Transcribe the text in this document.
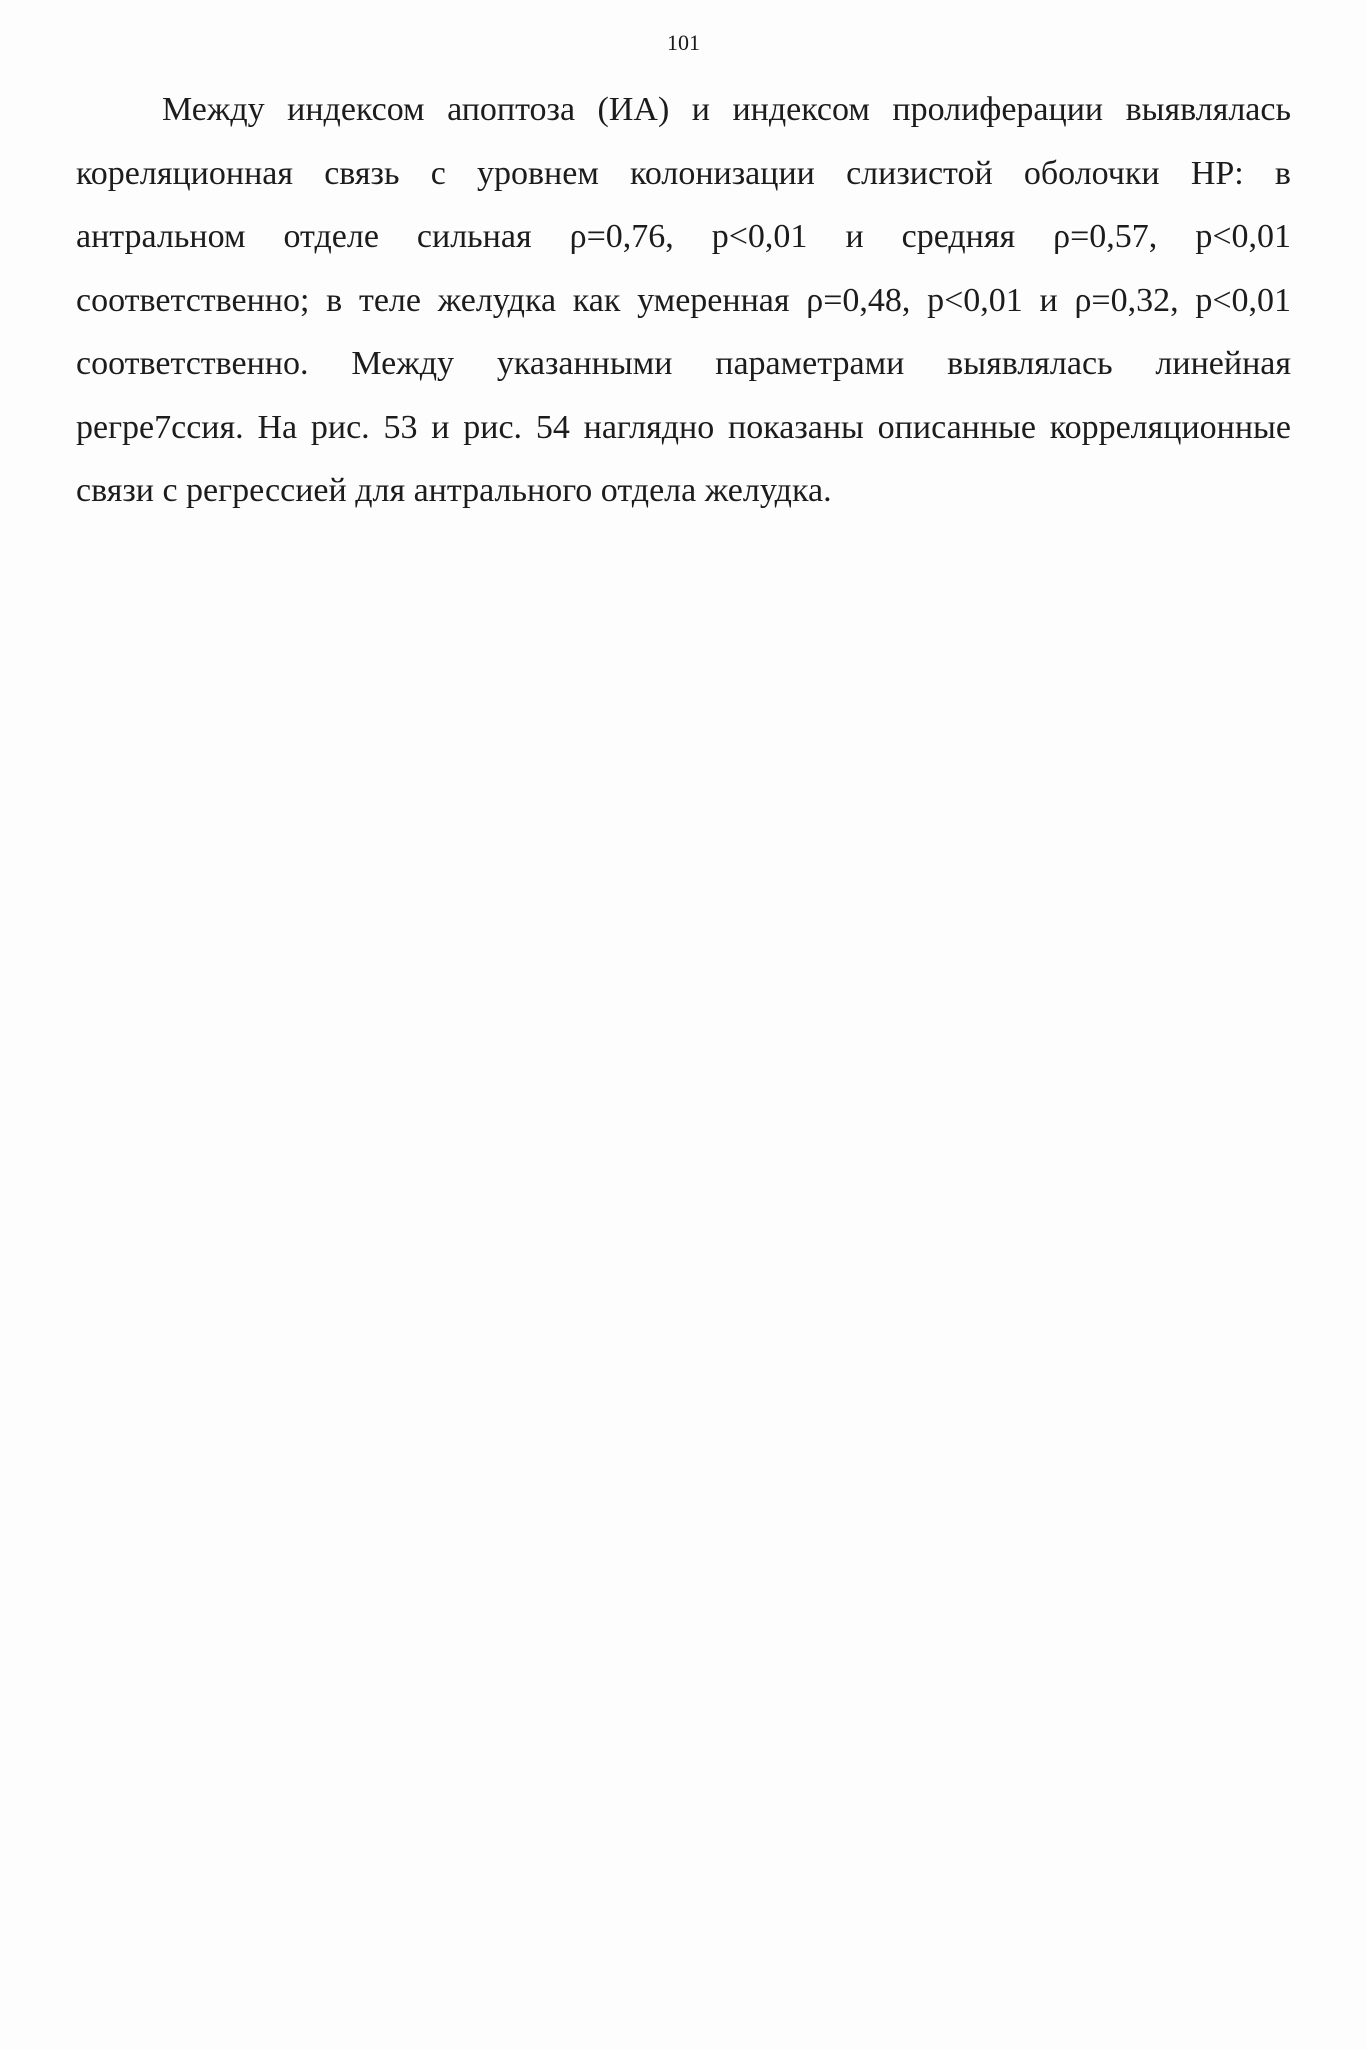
101

Между индексом апоптоза (ИА) и индексом пролиферации выявлялась
кореляционная связь с уровнем колонизации слизистой оболочки HP: в
антральном отделе сильная ρ=0,76, p<0,01 и средняя ρ=0,57, p<0,01
соответственно; в теле желудка как умеренная ρ=0,48, p<0,01 и ρ=0,32, p<0,01
соответственно. Между указанными параметрами выявлялась линейная
регре7ссия. На рис. 53 и рис. 54 наглядно показаны описанные корреляционные
связи с регрессией для антрального отдела желудка.
